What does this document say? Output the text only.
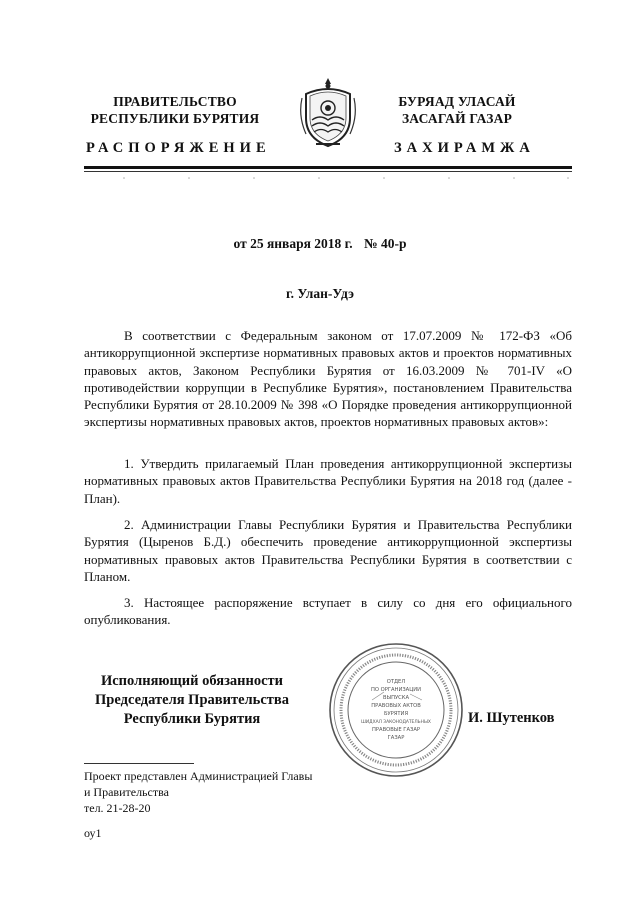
ПРАВИТЕЛЬСТВО
РЕСПУБЛИКИ БУРЯТИЯ
БУРЯАД УЛАСАЙ
ЗАСАГАЙ ГАЗАР
РАСПОРЯЖЕНИЕ	ЗАХИРАМЖА
от 25 января 2018 г. № 40-р
г. Улан-Удэ
В соответствии с Федеральным законом от 17.07.2009 № 172-ФЗ «Об антикоррупционной экспертизе нормативных правовых актов и проектов нормативных правовых актов, Законом Республики Бурятия от 16.03.2009 № 701-IV «О противодействии коррупции в Республике Бурятия», постановлением Правительства Республики Бурятия от 28.10.2009 № 398 «О Порядке проведения антикоррупционной экспертизы нормативных правовых актов, проектов нормативных правовых актов»:
1. Утвердить прилагаемый План проведения антикоррупционной экспертизы нормативных правовых актов Правительства Республики Бурятия на 2018 год (далее - План).
2. Администрации Главы Республики Бурятия и Правительства Республики Бурятия (Цыренов Б.Д.) обеспечить проведение антикоррупционной экспертизы нормативных правовых актов Правительства Республики Бурятия в соответствии с Планом.
3. Настоящее распоряжение вступает в силу со дня его официального опубликования.
Исполняющий обязанности
Председателя Правительства
Республики Бурятия
ОТДЕЛ
ПО ОРГАНИЗАЦИИ
ВЫПУСКА
ПРАВОВЫХ АКТОВ
БУРЯТИЯ
ШИДХАЛ ЗАКОНОДАТЕЛЬНЫХ
ПРАВОВЫЕ ГАЗАР
ГАЗАР
И. Шутенков
Проект представлен Администрацией Главы
и Правительства
тел. 21-28-20
оу1
